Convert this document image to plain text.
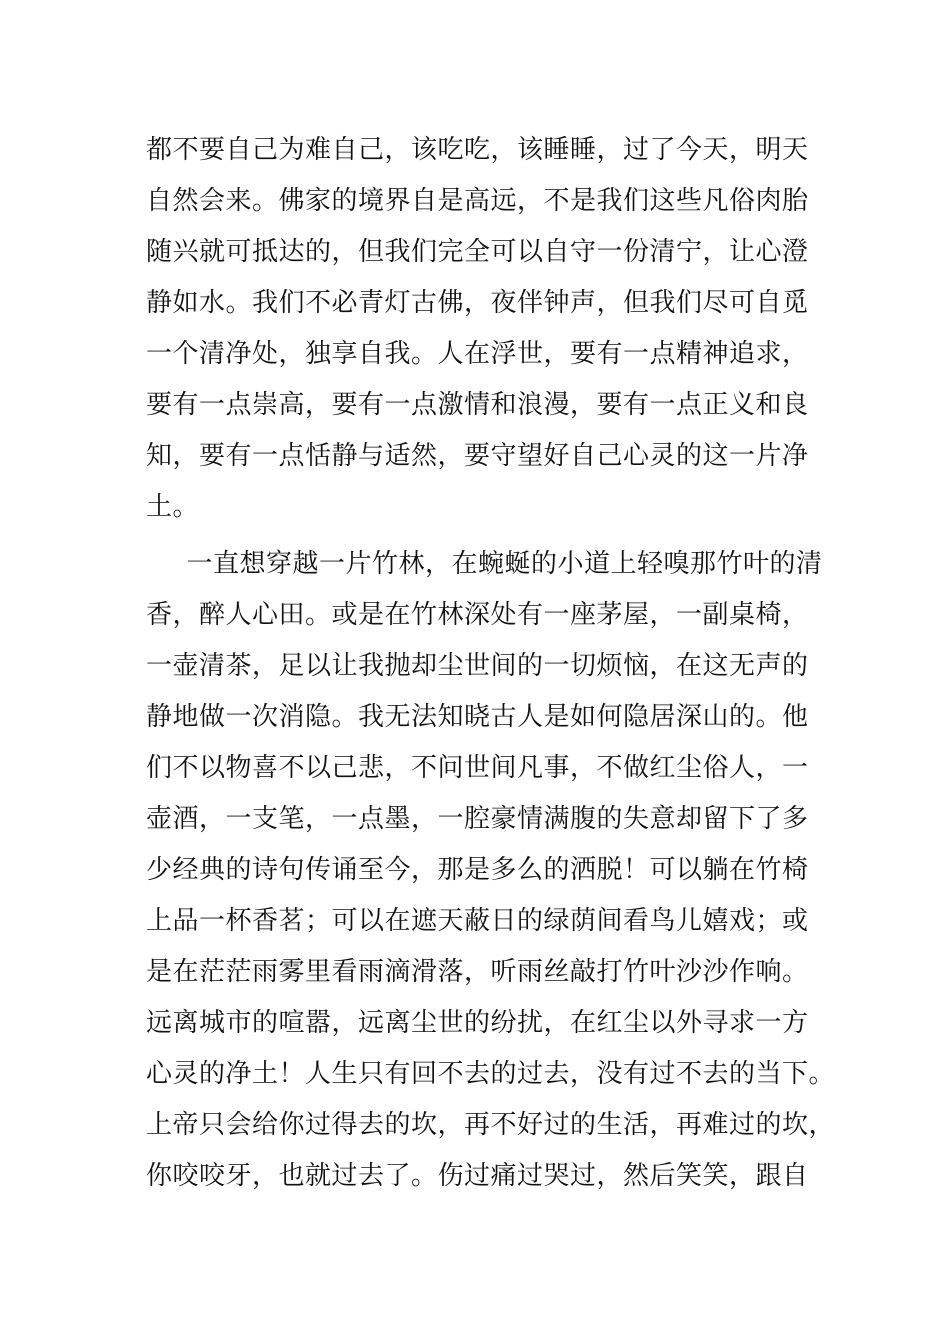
都不要自己为难自己，该吃吃，该睡睡，过了今天，明天
自然会来。佛家的境界自是高远，不是我们这些凡俗肉胎
随兴就可抵达的，但我们完全可以自守一份清宁，让心澄
静如水。我们不必青灯古佛，夜伴钟声，但我们尽可自觅
一个清净处，独享自我。人在浮世，要有一点精神追求，
要有一点崇高，要有一点激情和浪漫，要有一点正义和良
知，要有一点恬静与适然，要守望好自己心灵的这一片净
土。
　一直想穿越一片竹林，在蜿蜒的小道上轻嗅那竹叶的清
香，醉人心田。或是在竹林深处有一座茅屋，一副桌椅，
一壶清茶，足以让我抛却尘世间的一切烦恼，在这无声的
静地做一次消隐。我无法知晓古人是如何隐居深山的。他
们不以物喜不以己悲，不问世间凡事，不做红尘俗人，一
壶酒，一支笔，一点墨，一腔豪情满腹的失意却留下了多
少经典的诗句传诵至今，那是多么的洒脱！可以躺在竹椅
上品一杯香茗；可以在遮天蔽日的绿荫间看鸟儿嬉戏；或
是在茫茫雨雾里看雨滴滑落，听雨丝敲打竹叶沙沙作响。
远离城市的喧嚣，远离尘世的纷扰，在红尘以外寻求一方
心灵的净土！人生只有回不去的过去，没有过不去的当下。
上帝只会给你过得去的坎，再不好过的生活，再难过的坎，
你咬咬牙，也就过去了。伤过痛过哭过，然后笑笑，跟自
